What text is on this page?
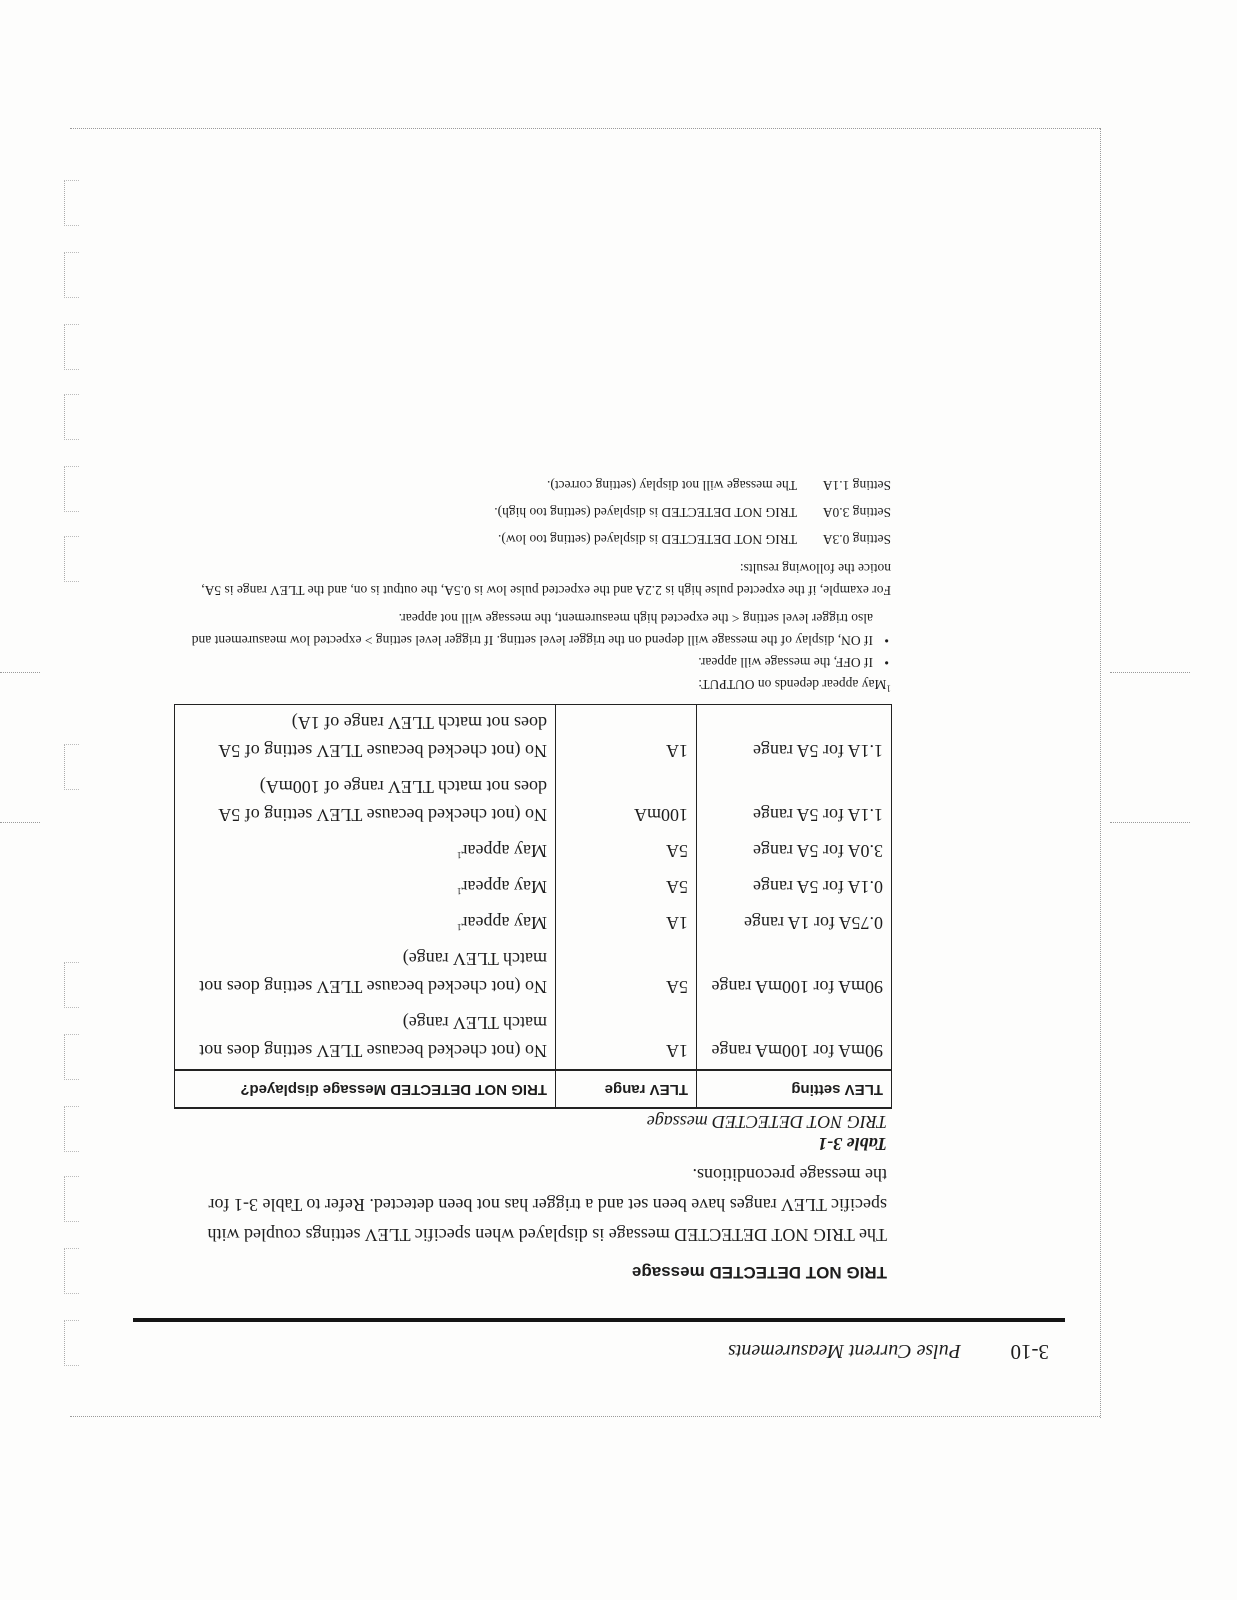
3-10
Pulse Current Measurements
TRIG NOT DETECTED message
The TRIG NOT DETECTED message is displayed when specific TLEV settings coupled with specific TLEV ranges have been set and a trigger has not been detected. Refer to Table 3-1 for the message preconditions.
Table 3-1
TRIG NOT DETECTED message
TLEV setting	TLEV range	TRIG NOT DETECTED Message displayed?
90mA for 100mA range	1A	No (not checked because TLEV setting does not match TLEV range)
90mA for 100mA range	5A	No (not checked because TLEV setting does not match TLEV range)
0.75A for 1A range	1A	May appear$^1$
0.1A for 5A range	5A	May appear$^1$
3.0A for 5A range	5A	May appear$^1$
1.1A for 5A range	100mA	No (not checked because TLEV setting of 5A does not match TLEV range of 100mA)
1.1A for 5A range	1A	No (not checked because TLEV setting of 5A does not match TLEV range of 1A)

$^1$May appear depends on OUTPUT:

• If OFF, the message will appear.
• If ON, display of the message will depend on the trigger level setting. If trigger level setting > expected low measurement and also trigger level setting < the expected high measurement, the message will not appear.

For example, if the expected pulse high is 2.2A and the expected pulse low is 0.5A, the output is on, and the TLEV range is 5A, notice the following results:

Setting 0.3A
TRIG NOT DETECTED is displayed (setting too low).
Setting 3.0A
TRIG NOT DETECTED is displayed (setting too high).
Setting 1.1A
The message will not display (setting correct).
